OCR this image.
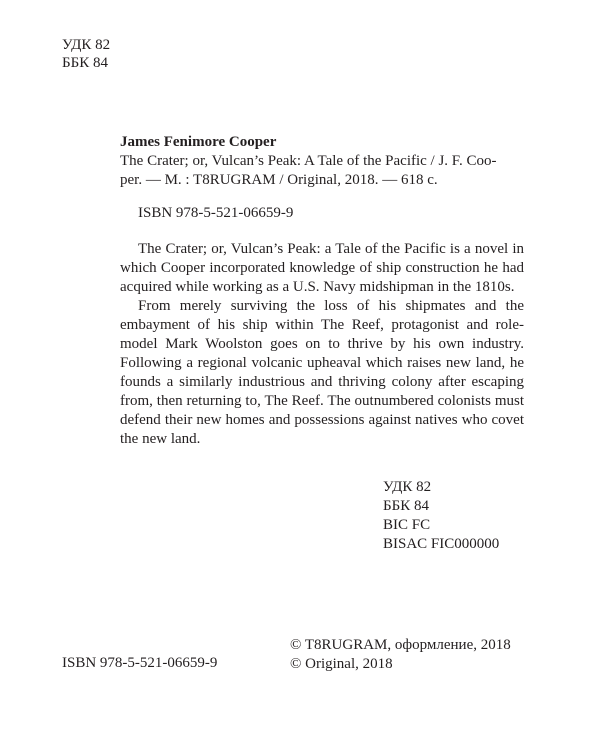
УДК 82
ББК 84
James Fenimore Cooper
The Crater; or, Vulcan’s Peak: A Tale of the Pacific / J. F. Coo-
per. — M. : T8RUGRAM / Original, 2018. — 618 c.
ISBN 978-5-521-06659-9

The Crater; or, Vulcan’s Peak: a Tale of the Pacific is a novel in which Cooper incorporated knowledge of ship construction he had acquired while working as a U.S. Navy midshipman in the 1810s.

From merely surviving the loss of his shipmates and the embayment of his ship within The Reef, protagonist and role-model Mark Woolston goes on to thrive by his own industry. Following a regional volcanic upheaval which raises new land, he founds a similarly industrious and thriving colony after escaping from, then returning to, The Reef. The outnumbered colonists must defend their new homes and possessions against natives who covet the new land.

УДК 82
ББК 84
BIC FC
BISAC FIC000000
© T8RUGRAM, оформление, 2018
© Original, 2018
ISBN 978-5-521-06659-9
